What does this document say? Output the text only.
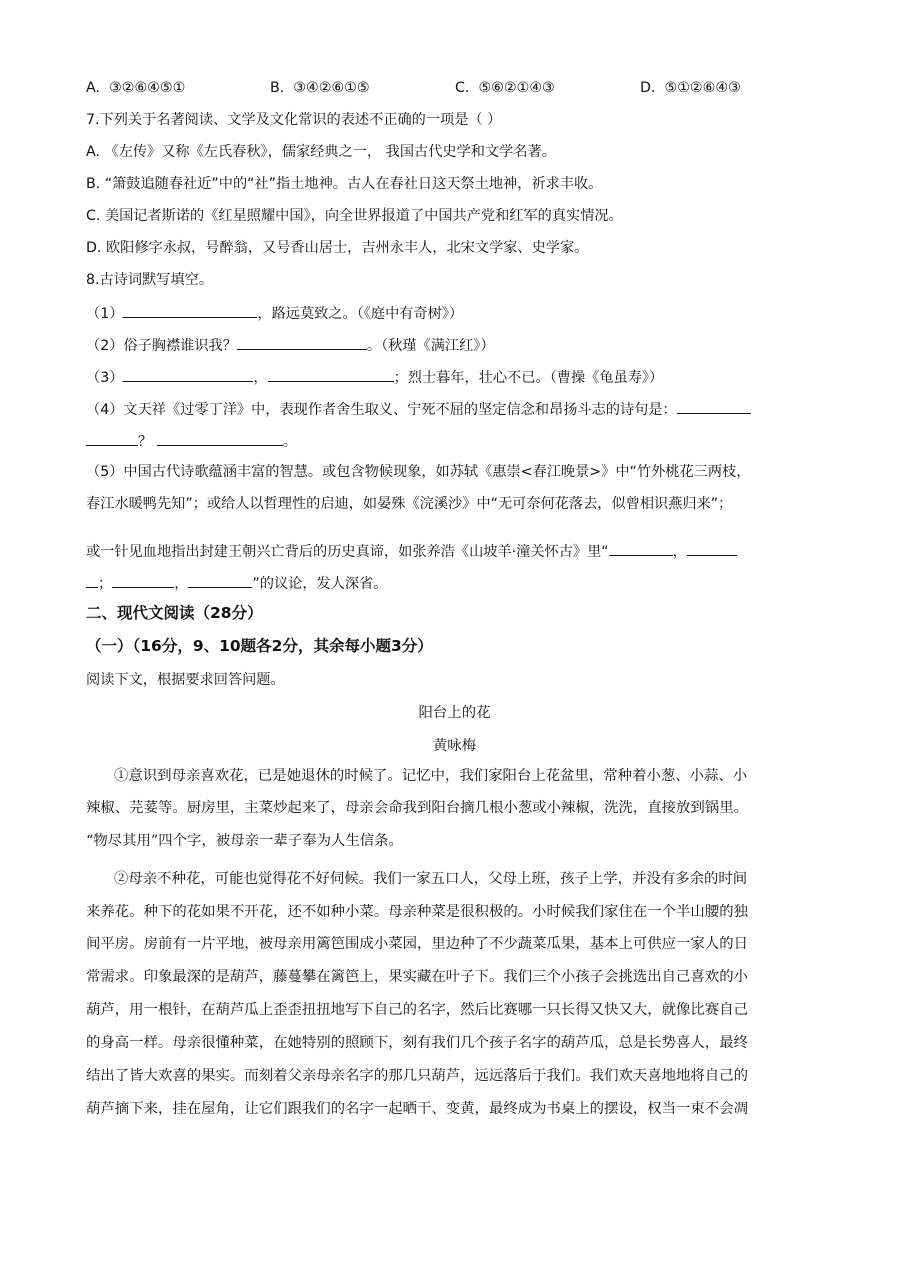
A. ③②⑥④⑤①	B. ③④②⑥①⑤	C. ⑤⑥②①④③	D. ⑤①②⑥④③
7.下列关于名著阅读、文学及文化常识的表述不正确的一项是（ ）
A. 《左传》又称《左氏春秋》，儒家经典之一， 我国古代史学和文学名著。
B. “箫鼓追随春社近”中的“社”指土地神。古人在春社日这天祭土地神，祈求丰收。
C. 美国记者斯诺的《红星照耀中国》，向全世界报道了中国共产党和红军的真实情况。
D. 欧阳修字永叔，号醉翁，又号香山居士，吉州永丰人，北宋文学家、史学家。
8.古诗词默写填空。
（1）	，路远莫致之。（《庭中有奇树》）
（2）俗子胸襟谁识我？	。（秋瑾《满江红》）
（3）	，	；烈士暮年，壮心不已。（曹操《龟虽寿》）
（4）文天祥《过零丁洋》中，表现作者舍生取义、宁死不屈的坚定信念和昂扬斗志的诗句是：
？	。
（5）中国古代诗歌蕴涵丰富的智慧。或包含物候现象，如苏轼《惠崇<春江晚景>》中“竹外桃花三两枝，
春江水暖鸭先知”；或给人以哲理性的启迪，如晏殊《浣溪沙》中“无可奈何花落去，似曾相识燕归来”；
或一针见血地指出封建王朝兴亡背后的历史真谛，如张养浩《山坡羊·潼关怀古》里“	，
；	，	”的议论，发人深省。
二、现代文阅读（28分）
（一）（16分，9、10题各2分，其余每小题3分）
阅读下文，根据要求回答问题。
阳台上的花
黄咏梅
①意识到母亲喜欢花，已是她退休的时候了。记忆中，我们家阳台上花盆里，常种着小葱、小蒜、小
辣椒、芫荽等。厨房里，主菜炒起来了，母亲会命我到阳台摘几根小葱或小辣椒，洗洗，直接放到锅里。
“物尽其用”四个字，被母亲一辈子奉为人生信条。
②母亲不种花，可能也觉得花不好伺候。我们一家五口人，父母上班，孩子上学，并没有多余的时间
来养花。种下的花如果不开花，还不如种小菜。母亲种菜是很积极的。小时候我们家住在一个半山腰的独
间平房。房前有一片平地，被母亲用篱笆围成小菜园，里边种了不少蔬菜瓜果，基本上可供应一家人的日
常需求。印象最深的是葫芦，藤蔓攀在篱笆上，果实藏在叶子下。我们三个小孩子会挑选出自己喜欢的小
葫芦，用一根针，在葫芦瓜上歪歪扭扭地写下自己的名字，然后比赛哪一只长得又快又大，就像比赛自己
的身高一样。母亲很懂种菜，在她特别的照顾下，刻有我们几个孩子名字的葫芦瓜，总是长势喜人，最终
结出了皆大欢喜的果实。而刻着父亲母亲名字的那几只葫芦，远远落后于我们。我们欢天喜地地将自己的
葫芦摘下来，挂在屋角，让它们跟我们的名字一起晒干、变黄，最终成为书桌上的摆设，权当一束不会凋
